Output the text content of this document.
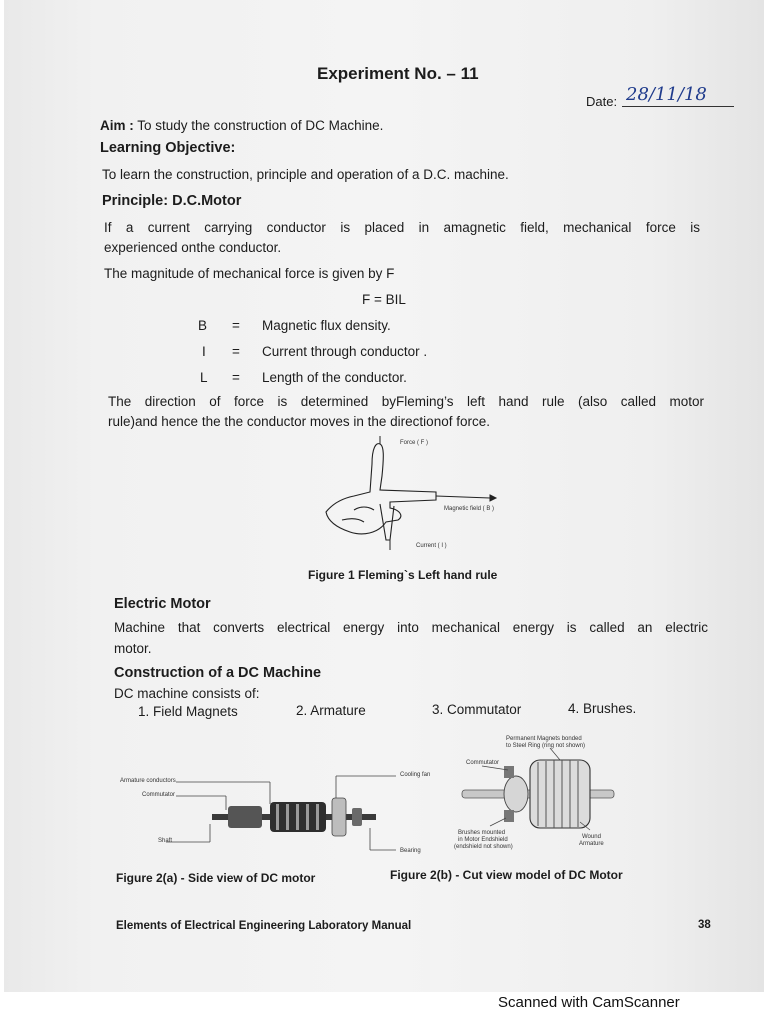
Experiment No. – 11
Date: 28/11/18
Aim : To study the construction of DC Machine.
Learning Objective:
To learn the construction, principle and operation of a D.C. machine.
Principle: D.C.Motor
If a current carrying conductor is placed in amagnetic field, mechanical force is
experienced onthe conductor.
The magnitude of mechanical force is given by F
F = BIL
B = Magnetic flux density.
I = Current through conductor .
L = Length of the conductor.
The direction of force is determined byFleming’s left hand rule (also called motor
rule)and hence the the conductor moves in the directionof force.
Force ( F )
Magnetic field ( B )
Current ( I )
Figure 1 Fleming`s Left hand rule
Electric Motor
Machine that converts electrical energy into mechanical energy is called an electric
motor.
Construction of a DC Machine
DC machine consists of:
1. Field Magnets	2. Armature	3. Commutator	4. Brushes.
Armature conductors
Commutator
Shaft
Cooling fan
Bearing
Permanent Magnets bonded
to Steel Ring (ring not shown)
Commutator
Brushes mounted
in Motor Endshield
(endshield not shown)
Wound
Armature
Figure 2(a) - Side view of DC motor	Figure 2(b) - Cut view model of DC Motor
Elements of Electrical Engineering Laboratory Manual	38
Scanned with CamScanner
